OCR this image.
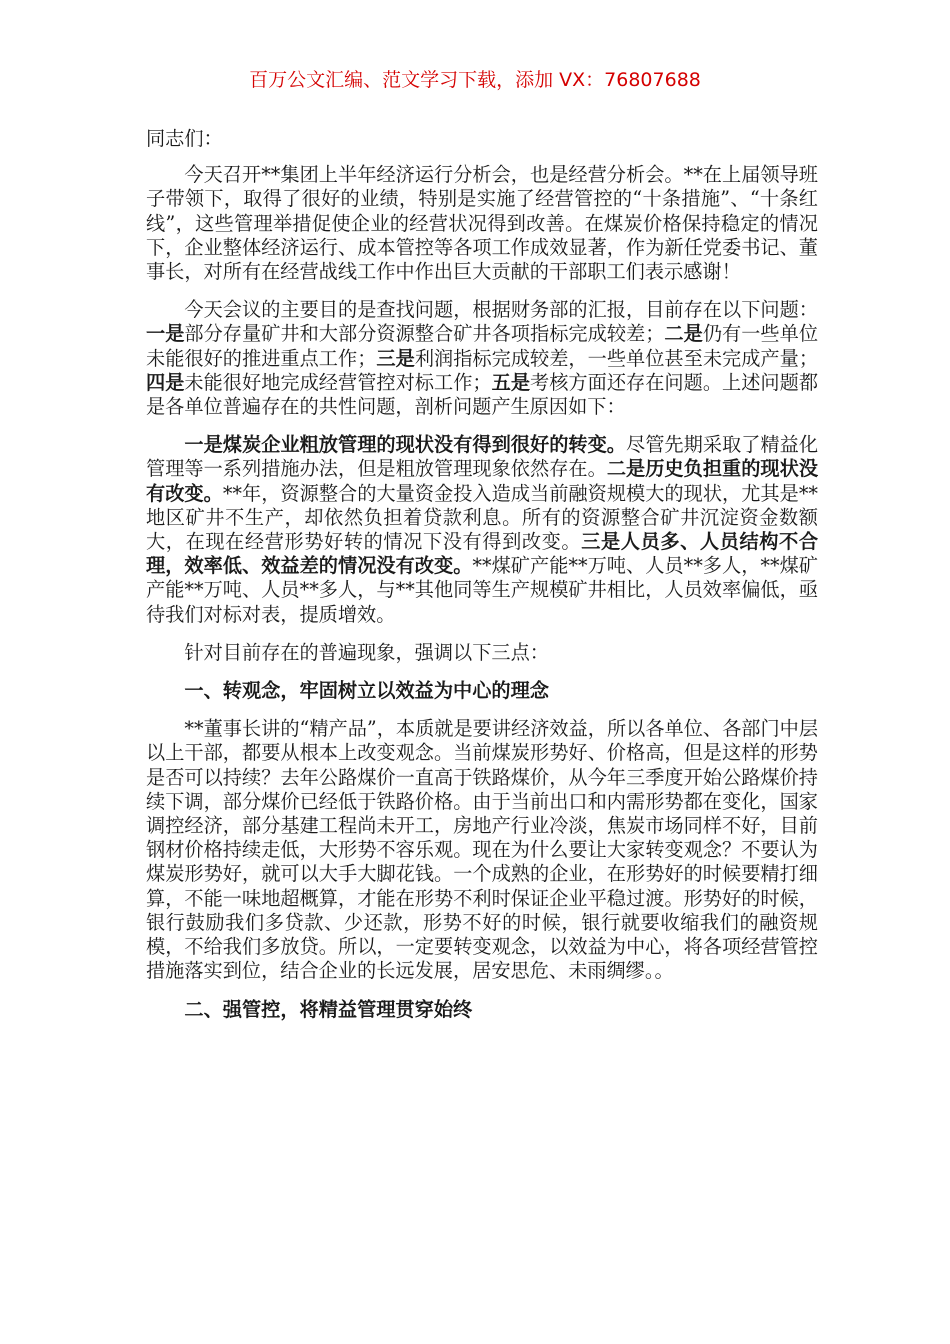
百万公文汇编、范文学习下载，添加 VX：76807688

同志们：

今天召开**集团上半年经济运行分析会，也是经营分析会。**在上届领导班子带领下，取得了很好的业绩，特别是实施了经营管控的“十条措施”、“十条红线”，这些管理举措促使企业的经营状况得到改善。在煤炭价格保持稳定的情况下，企业整体经济运行、成本管控等各项工作成效显著，作为新任党委书记、董事长，对所有在经营战线工作中作出巨大贡献的干部职工们表示感谢！

今天会议的主要目的是查找问题，根据财务部的汇报，目前存在以下问题：一是部分存量矿井和大部分资源整合矿井各项指标完成较差；二是仍有一些单位未能很好的推进重点工作；三是利润指标完成较差，一些单位甚至未完成产量；四是未能很好地完成经营管控对标工作；五是考核方面还存在问题。上述问题都是各单位普遍存在的共性问题，剖析问题产生原因如下：

一是煤炭企业粗放管理的现状没有得到很好的转变。尽管先期采取了精益化管理等一系列措施办法，但是粗放管理现象依然存在。二是历史负担重的现状没有改变。**年，资源整合的大量资金投入造成当前融资规模大的现状，尤其是**地区矿井不生产，却依然负担着贷款利息。所有的资源整合矿井沉淀资金数额大，在现在经营形势好转的情况下没有得到改变。三是人员多、人员结构不合理，效率低、效益差的情况没有改变。**煤矿产能**万吨、人员**多人，**煤矿产能**万吨、人员**多人，与**其他同等生产规模矿井相比，人员效率偏低，亟待我们对标对表，提质增效。

针对目前存在的普遍现象，强调以下三点：

一、转观念，牢固树立以效益为中心的理念

**董事长讲的“精产品”，本质就是要讲经济效益，所以各单位、各部门中层以上干部，都要从根本上改变观念。当前煤炭形势好、价格高，但是这样的形势是否可以持续？去年公路煤价一直高于铁路煤价，从今年三季度开始公路煤价持续下调，部分煤价已经低于铁路价格。由于当前出口和内需形势都在变化，国家调控经济，部分基建工程尚未开工，房地产行业冷淡，焦炭市场同样不好，目前钢材价格持续走低，大形势不容乐观。现在为什么要让大家转变观念？不要认为煤炭形势好，就可以大手大脚花钱。一个成熟的企业，在形势好的时候要精打细算，不能一味地超概算，才能在形势不利时保证企业平稳过渡。形势好的时候，银行鼓励我们多贷款、少还款，形势不好的时候，银行就要收缩我们的融资规模，不给我们多放贷。所以，一定要转变观念，以效益为中心，将各项经营管控措施落实到位，结合企业的长远发展，居安思危、未雨绸缪。。

二、强管控，将精益管理贯穿始终
